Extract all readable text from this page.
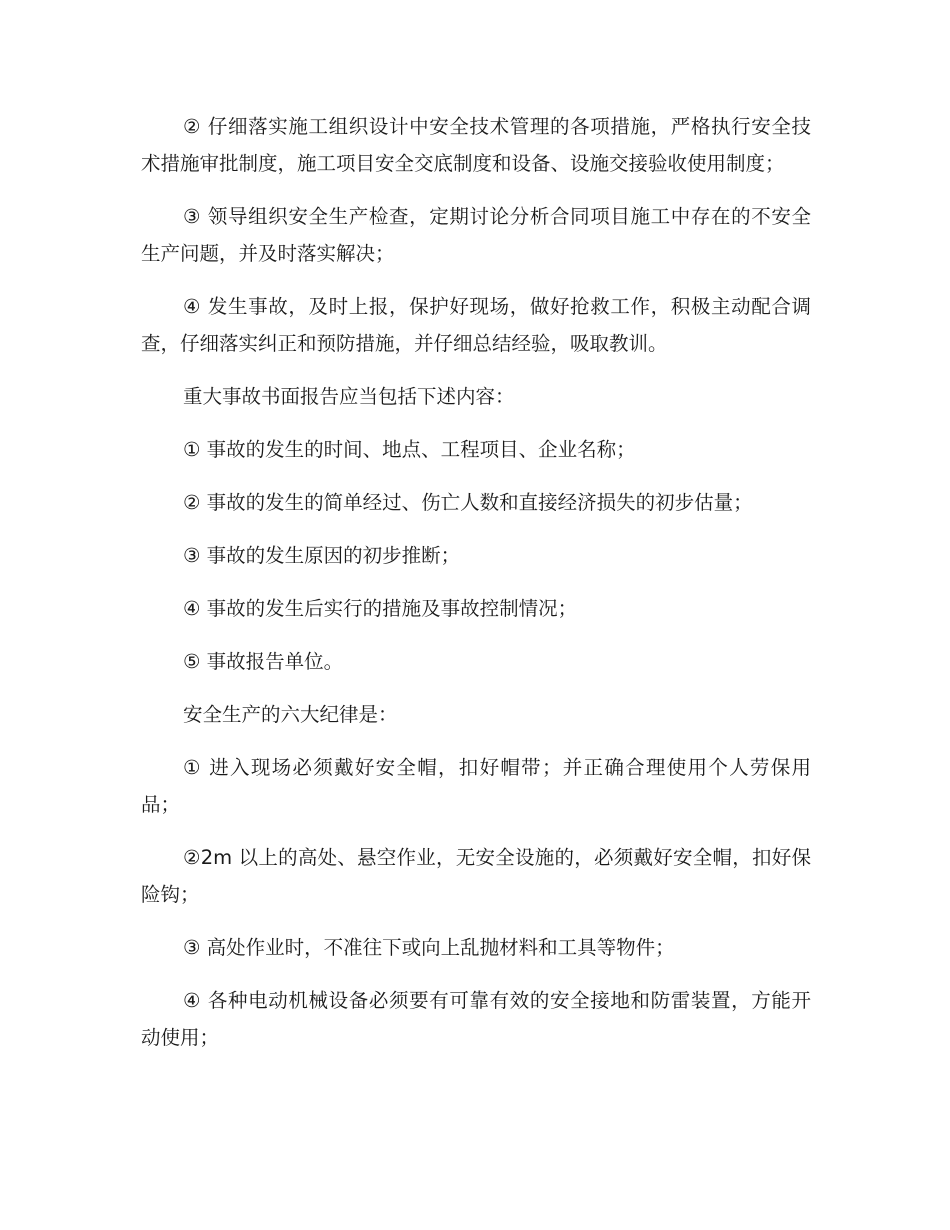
② 仔细落实施工组织设计中安全技术管理的各项措施，严格执行安全技术措施审批制度，施工项目安全交底制度和设备、设施交接验收使用制度；

③ 领导组织安全生产检查，定期讨论分析合同项目施工中存在的不安全生产问题，并及时落实解决；

④ 发生事故，及时上报，保护好现场，做好抢救工作，积极主动配合调查，仔细落实纠正和预防措施，并仔细总结经验，吸取教训。

重大事故书面报告应当包括下述内容：

① 事故的发生的时间、地点、工程项目、企业名称；

② 事故的发生的简单经过、伤亡人数和直接经济损失的初步估量；

③ 事故的发生原因的初步推断；

④ 事故的发生后实行的措施及事故控制情况；

⑤ 事故报告单位。

安全生产的六大纪律是：

① 进入现场必须戴好安全帽，扣好帽带；并正确合理使用个人劳保用品；

②2m 以上的高处、悬空作业，无安全设施的，必须戴好安全帽，扣好保险钩；

③ 高处作业时，不准往下或向上乱抛材料和工具等物件；

④ 各种电动机械设备必须要有可靠有效的安全接地和防雷装置，方能开动使用；
